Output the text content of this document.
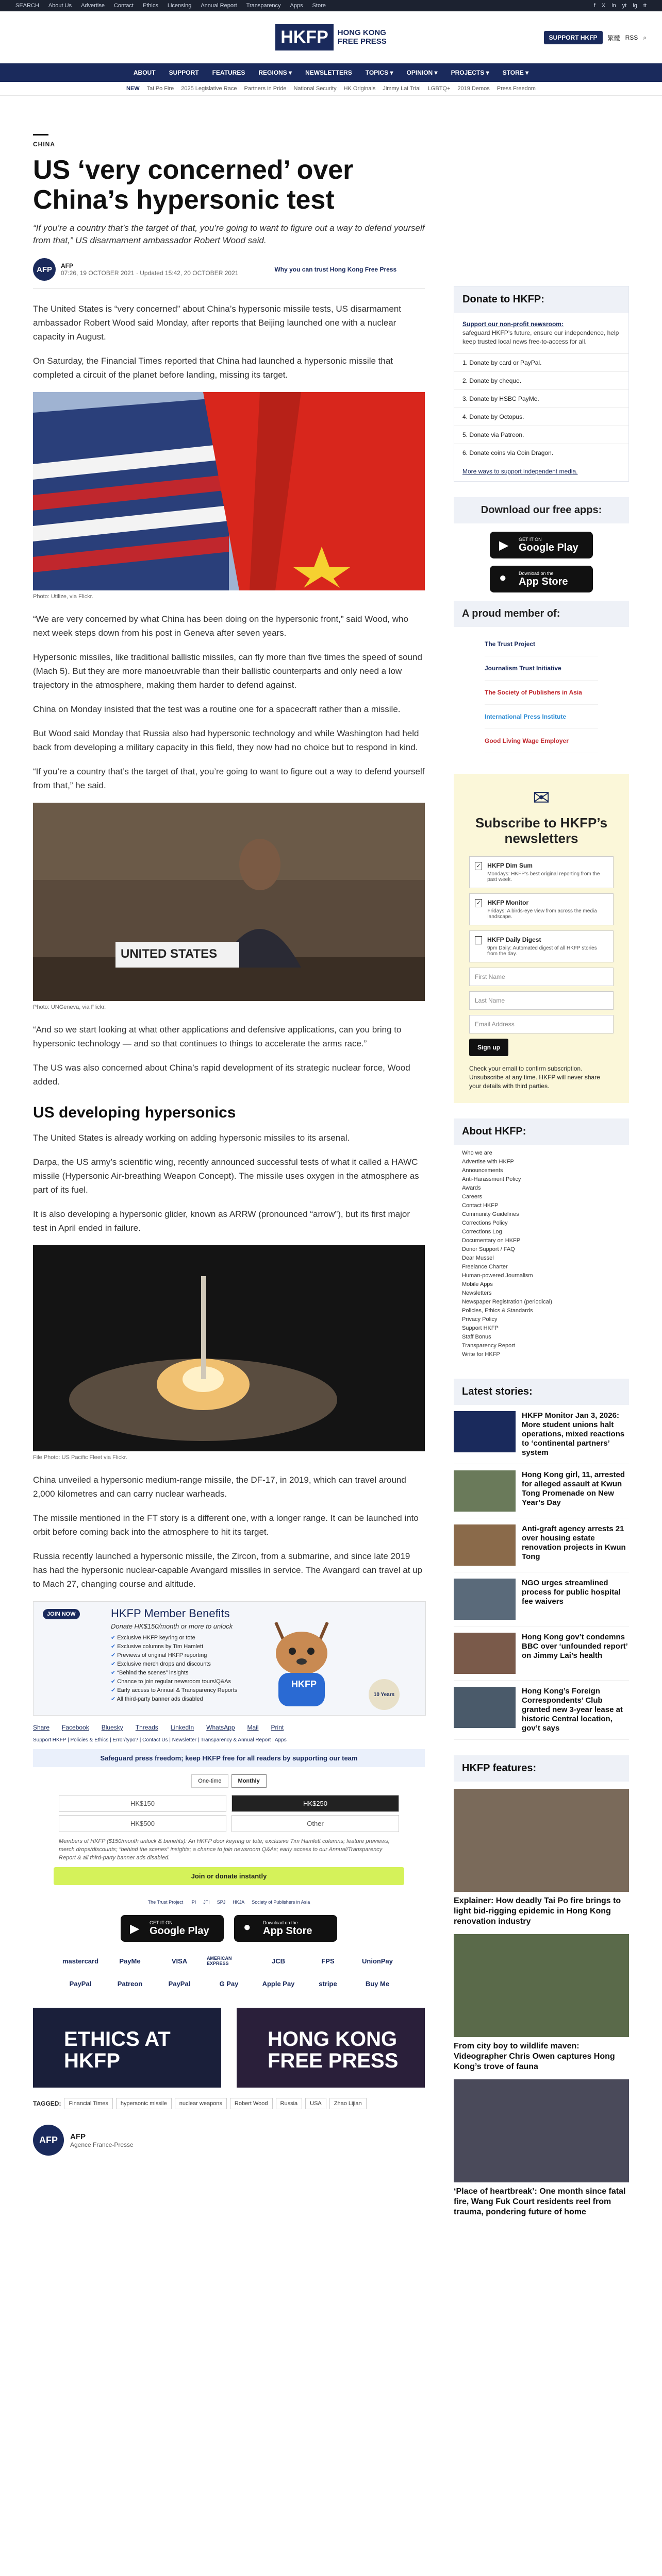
SEARCH About Us Advertise Contact Ethics Licensing Annual Report Transparency Apps Store	f X in yt ig tt
HKFP	HONG KONG
FREE PRESS	SUPPORT HKFP	繁體 RSS ⌕
ABOUT SUPPORT FEATURES REGIONS ▾ NEWSLETTERS TOPICS ▾ OPINION ▾ PROJECTS ▾ STORE ▾
NEW Tai Po Fire 2025 Legislative Race Partners in Pride National Security HK Originals Jimmy Lai Trial LGBTQ+ 2019 Demos Press Freedom
CHINA
US ‘very concerned’ over China’s hypersonic test

“If you’re a country that’s the target of that, you’re going to want to figure out a way to defend yourself from that,” US disarmament ambassador Robert Wood said.

AFP	AFP
07:26, 19 OCTOBER 2021 · Updated 15:42, 20 OCTOBER 2021	Why you can trust Hong Kong Free Press

The United States is “very concerned” about China’s hypersonic missile tests, US disarmament ambassador Robert Wood said Monday, after reports that Beijing launched one with a nuclear capacity in August.

On Saturday, the Financial Times reported that China had launched a hypersonic missile that completed a circuit of the planet before landing, missing its target.

Photo: Utilize, via Flickr.

“We are very concerned by what China has been doing on the hypersonic front,” said Wood, who next week steps down from his post in Geneva after seven years.

Hypersonic missiles, like traditional ballistic missiles, can fly more than five times the speed of sound (Mach 5). But they are more manoeuvrable than their ballistic counterparts and only need a low trajectory in the atmosphere, making them harder to defend against.

China on Monday insisted that the test was a routine one for a spacecraft rather than a missile.

But Wood said Monday that Russia also had hypersonic technology and while Washington had held back from developing a military capacity in this field, they now had no choice but to respond in kind.

“If you’re a country that’s the target of that, you’re going to want to figure out a way to defend yourself from that,” he said.

UNITED STATES
Photo: UNGeneva, via Flickr.

“And so we start looking at what other applications and defensive applications, can you bring to hypersonic technology — and so that continues to things to accelerate the arms race.”

The US was also concerned about China’s rapid development of its strategic nuclear force, Wood added.

US developing hypersonics

The United States is already working on adding hypersonic missiles to its arsenal.

Darpa, the US army’s scientific wing, recently announced successful tests of what it called a HAWC missile (Hypersonic Air-breathing Weapon Concept). The missile uses oxygen in the atmosphere as part of its fuel.

It is also developing a hypersonic glider, known as ARRW (pronounced “arrow”), but its first major test in April ended in failure.

File Photo: US Pacific Fleet via Flickr.

China unveiled a hypersonic medium-range missile, the DF-17, in 2019, which can travel around 2,000 kilometres and can carry nuclear warheads.

The missile mentioned in the FT story is a different one, with a longer range. It can be launched into orbit before coming back into the atmosphere to hit its target.

Russia recently launched a hypersonic missile, the Zircon, from a submarine, and since late 2019 has had the hypersonic nuclear-capable Avangard missiles in service. The Avangard can travel at up to Mach 27, changing course and altitude.

JOIN NOW	HKFP Member Benefits
Donate HK$150/month or more to unlock
✔ Exclusive HKFP keyring or tote
✔ Exclusive columns by Tim Hamlett
✔ Previews of original HKFP reporting
✔ Exclusive merch drops and discounts
✔ “Behind the scenes” insights
✔ Chance to join regular newsroom tours/Q&As
✔ Early access to Annual & Transparency Reports
✔ All third-party banner ads disabled
HKFP
10 Years
Share Facebook Bluesky Threads LinkedIn WhatsApp Mail Print
Support HKFP | Policies & Ethics | Error/typo? | Contact Us | Newsletter | Transparency & Annual Report | Apps
Safeguard press freedom; keep HKFP free for all readers by supporting our team
One-time	Monthly
HK$150	HK$250
HK$500	Other
Members of HKFP ($150/month unlock & benefits): An HKFP door keyring or tote; exclusive Tim Hamlett columns; feature previews; merch drops/discounts; “behind the scenes” insights; a chance to join newsroom Q&As; early access to our Annual/Transparency Report & all third-party banner ads disabled.
Join or donate instantly
The Trust Project IPI JTI SPJ HKJA Society of Publishers in Asia
▶ GET IT ON
Google Play	●	Download on the
App Store
mastercard	PayMe	VISA	AMERICAN EXPRESS	JCB	FPS	UnionPay
PayPal	Patreon	PayPal	G Pay	Apple Pay	stripe	Buy Me
ETHICS AT HKFP
HONG KONG FREE PRESS
TAGGED:	Financial Times	hypersonic missile	nuclear weapons	Robert Wood	Russia	USA	Zhao Lijian
AFP	AFP
Agence France-Presse
Donate to HKFP:
Support our non-profit newsroom:
safeguard HKFP’s future, ensure our independence, help keep trusted local news free-to-access for all.
1. Donate by card or PayPal.
2. Donate by cheque.
3. Donate by HSBC PayMe.
4. Donate by Octopus.
5. Donate via Patreon.
6. Donate coins via Coin Dragon.
More ways to support independent media.
Download our free apps:
▶ GET IT ON
Google Play
●	Download on the
App Store
A proud member of:
The Trust Project
Journalism Trust Initiative
The Society of Publishers in Asia
International Press Institute
Good Living Wage Employer
✉
Subscribe to HKFP’s newsletters
✓ HKFP Dim Sum
Mondays: HKFP’s best original reporting from the past week.
✓ HKFP Monitor
Fridays: A birds-eye view from across the media landscape.
HKFP Daily Digest
9pm Daily: Automated digest of all HKFP stories from the day.
First Name
Last Name
Email Address
Sign up
Check your email to confirm subscription. Unsubscribe at any time. HKFP will never share your details with third parties.
About HKFP:
Who we are
Advertise with HKFP
Announcements
Anti-Harassment Policy
Awards
Careers
Contact HKFP
Community Guidelines
Corrections Policy
Corrections Log
Documentary on HKFP
Donor Support / FAQ
Dear Mussel
Freelance Charter
Human-powered Journalism
Mobile Apps
Newsletters
Newspaper Registration (periodical)
Policies, Ethics & Standards
Privacy Policy
Support HKFP
Staff Bonus
Transparency Report
Write for HKFP
Latest stories:
HKFP Monitor Jan 3, 2026: More student unions halt operations, mixed reactions to ‘continental partners’ system
Hong Kong girl, 11, arrested for alleged assault at Kwun Tong Promenade on New Year’s Day
Anti-graft agency arrests 21 over housing estate renovation projects in Kwun Tong
NGO urges streamlined process for public hospital fee waivers
Hong Kong gov’t condemns BBC over ‘unfounded report’ on Jimmy Lai’s health
Hong Kong’s Foreign Correspondents’ Club granted new 3-year lease at historic Central location, gov’t says
HKFP features:
Explainer: How deadly Tai Po fire brings to light bid-rigging epidemic in Hong Kong renovation industry
From city boy to wildlife maven: Videographer Chris Owen captures Hong Kong’s trove of fauna
‘Place of heartbreak’: One month since fatal fire, Wang Fuk Court residents reel from trauma, pondering future of home
